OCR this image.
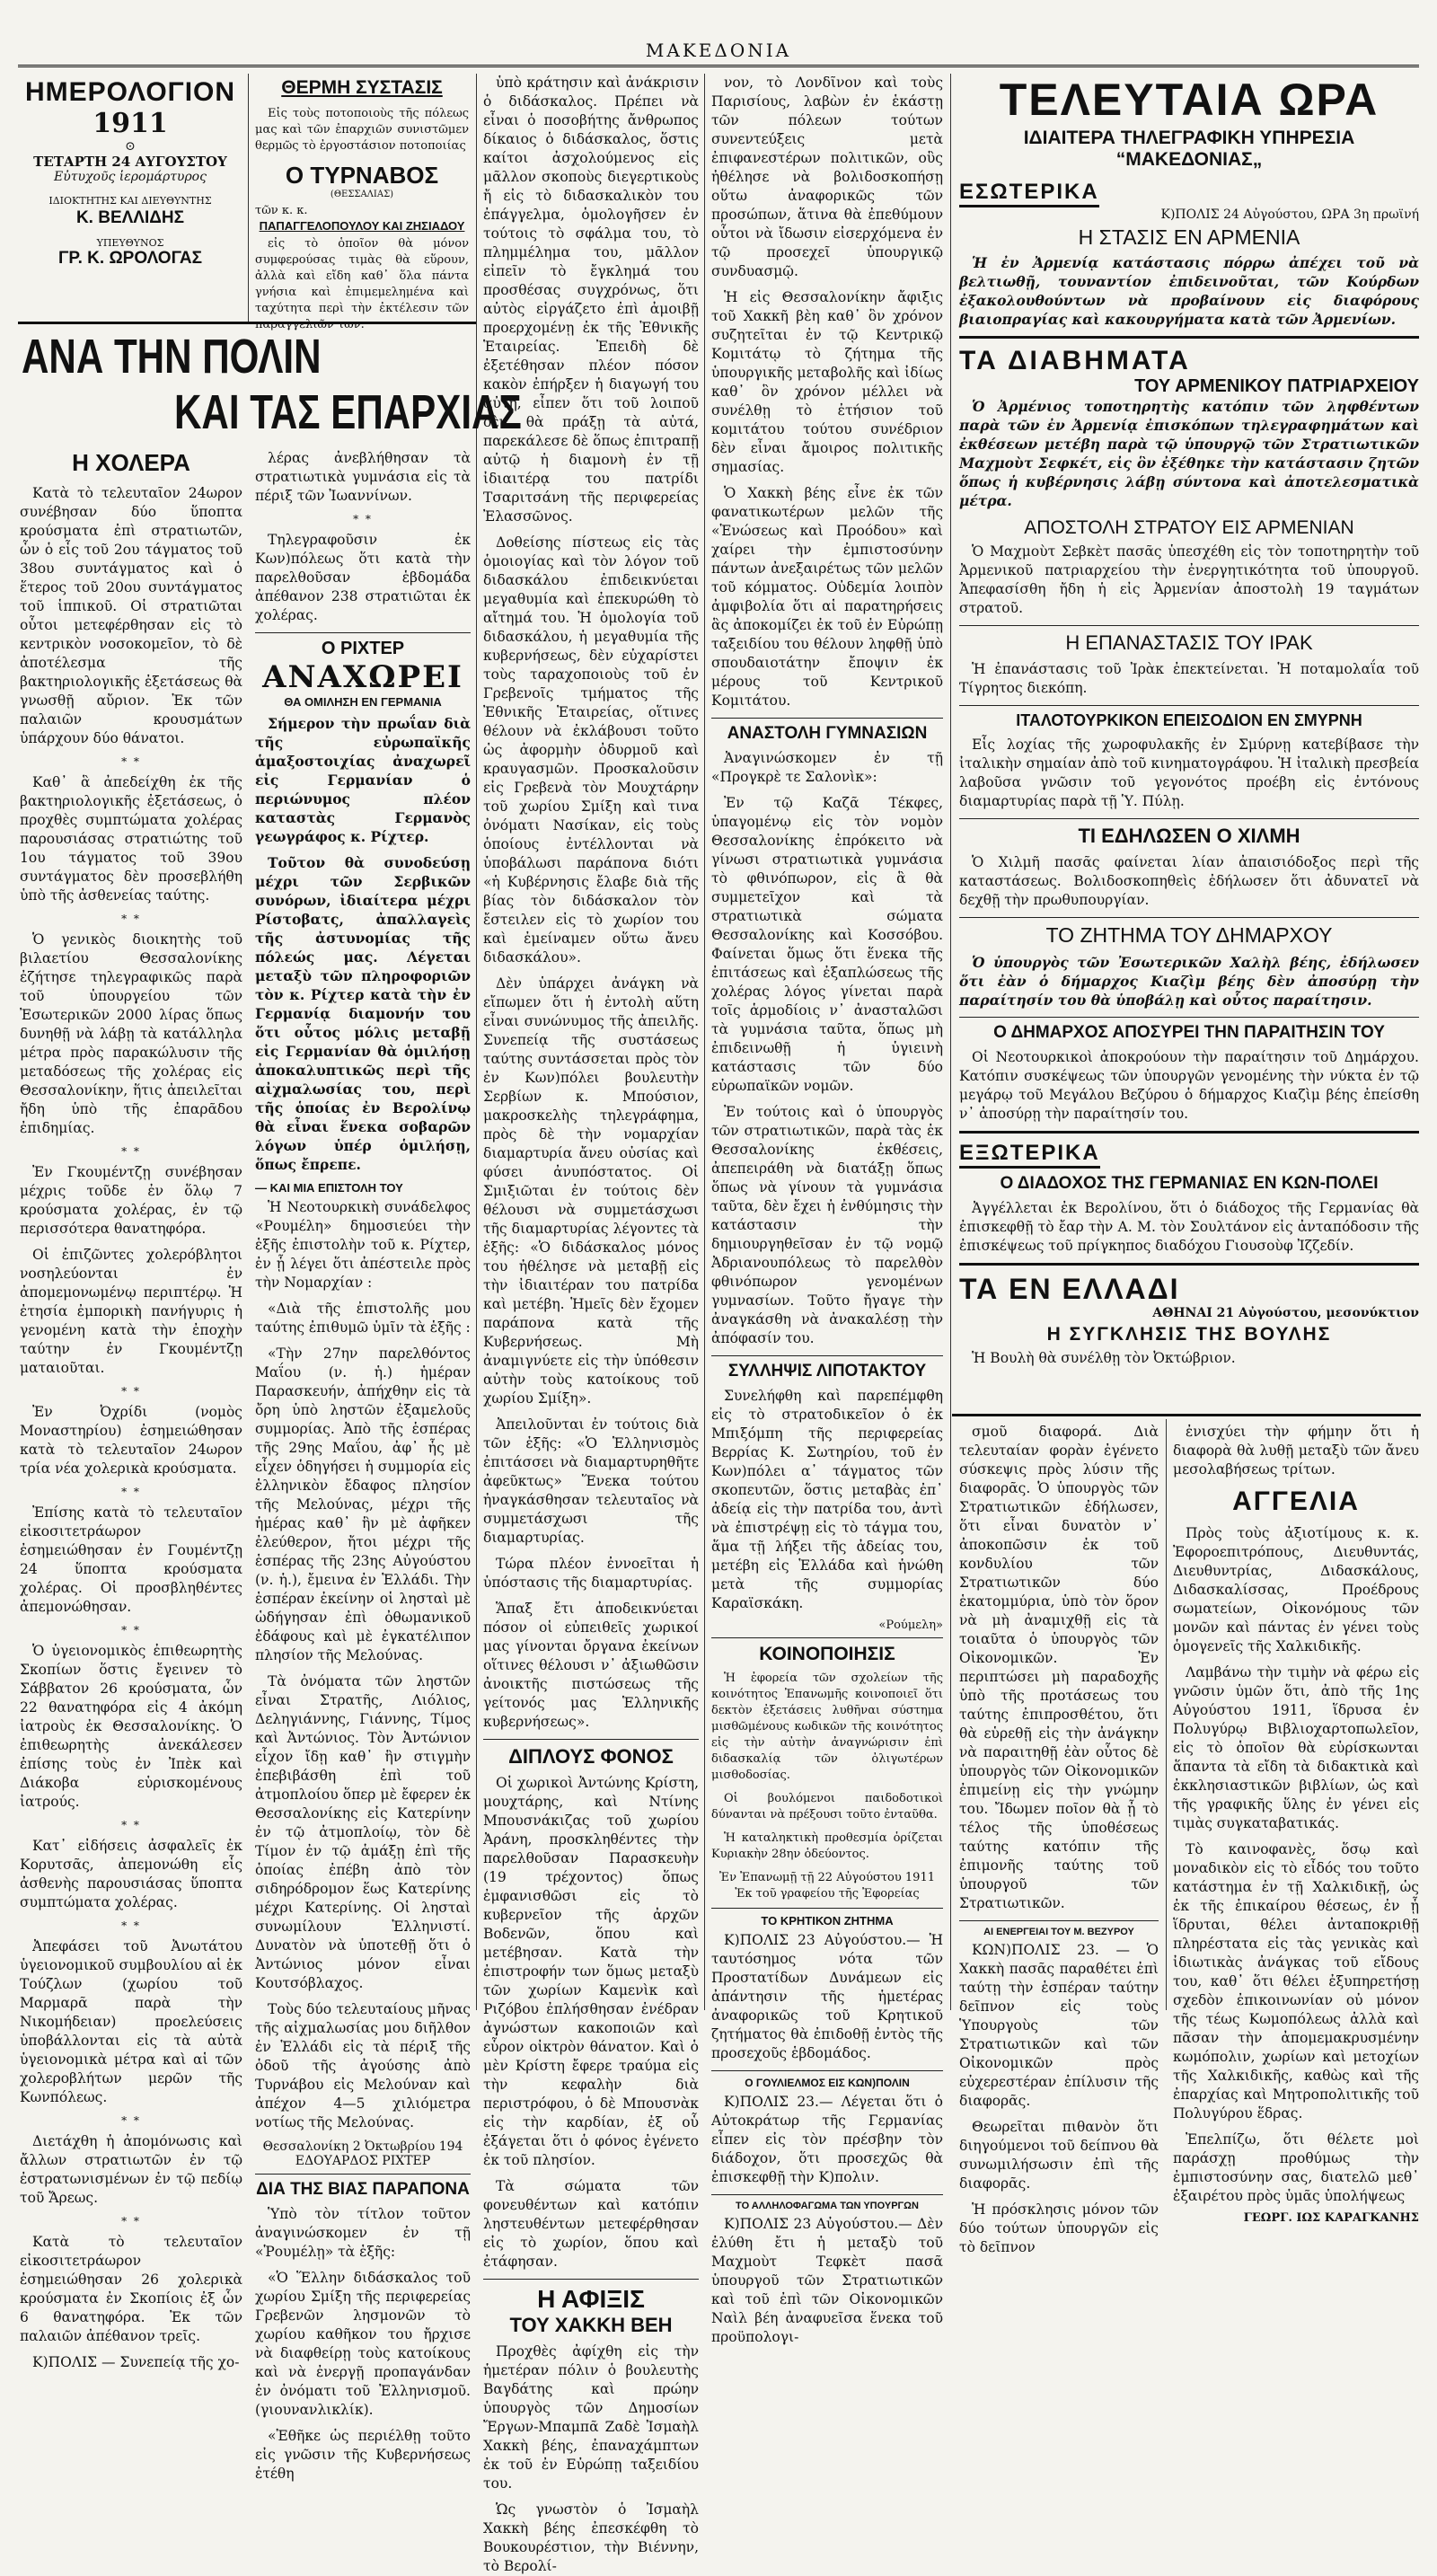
ΜΑΚΕΔΟΝΙΑ
ΗΜΕΡΟΛΟΓΙΟΝ
1911
⊙
ΤΕΤΑΡΤΗ 24 ΑΥΓΟΥΣΤΟΥ
Εὐτυχοῦς ἱερομάρτυρος
ΙΔΙΟΚΤΗΤΗΣ ΚΑΙ ΔΙΕΥΘΥΝΤΗΣ
Κ. ΒΕΛΛΙΔΗΣ
ΥΠΕΥΘΥΝΟΣ
ΓΡ. Κ. ΩΡΟΛΟΓΑΣ
ΘΕΡΜΗ ΣΥΣΤΑΣΙΣ

Εἰς τοὺς ποτοποιοὺς τῆς πόλεως μας καὶ τῶν ἐπαρχιῶν συνιστῶμεν θερμῶς τὸ ἐργοστάσιον ποτοποιίας

Ο ΤΥΡΝΑΒΟΣ
(ΘΕΣΣΑΛΙΑΣ)
τῶν κ. κ.
ΠΑΠΑΓΓΕΛΟΠΟΥΛΟΥ ΚΑΙ ΖΗΣΙΑΔΟΥ

εἰς τὸ ὁποῖον θὰ μόνον συμφερούσας τιμὰς θὰ εὕρουν, ἀλλὰ καὶ εἴδη καθ᾽ ὅλα πάντα γνήσια καὶ ἐπιμεμελημένα καὶ ταχύτητα περὶ τὴν ἐκτέλεσιν τῶν παραγγελιῶν των.

ΑΝΑ ΤΗΝ ΠΟΛΙΝ
ΚΑΙ ΤΑΣ ΕΠΑΡΧΙΑΣ
Η ΧΟΛΕΡΑ

Κατὰ τὸ τελευταῖον 24ωρον συνέβησαν δύο ὕποπτα κρούσματα ἐπὶ στρατιωτῶν, ὧν ὁ εἷς τοῦ 2ου τάγματος τοῦ 38ου συντάγματος καὶ ὁ ἕτερος τοῦ 20ου συντάγματος τοῦ ἱππικοῦ. Οἱ στρατιῶται οὗτοι μετεφέρθησαν εἰς τὸ κεντρικὸν νοσοκομεῖον, τὸ δὲ ἀποτέλεσμα τῆς βακτηριολογικῆς ἐξετάσεως θὰ γνωσθῇ αὔριον. Ἐκ τῶν παλαιῶν κρουσμάτων ὑπάρχουν δύο θάνατοι.

* *

Καθ᾽ ἃ ἀπεδείχθη ἐκ τῆς βακτηριολογικῆς ἐξετάσεως, ὁ προχθὲς συμπτώματα χολέρας παρουσιάσας στρατιώτης τοῦ 1ου τάγματος τοῦ 39ου συντάγματος δὲν προσεβλήθη ὑπὸ τῆς ἀσθενείας ταύτης.

* *

Ὁ γενικὸς διοικητὴς τοῦ βιλαετίου Θεσσαλονίκης ἐζήτησε τηλεγραφικῶς παρὰ τοῦ ὑπουργείου τῶν Ἐσωτερικῶν 2000 λίρας ὅπως δυνηθῇ νὰ λάβῃ τὰ κατάλληλα μέτρα πρὸς παρακώλυσιν τῆς μεταδόσεως τῆς χολέρας εἰς Θεσσαλονίκην, ἥτις ἀπειλεῖται ἤδη ὑπὸ τῆς ἐπαρᾶδου ἐπιδημίας.

* *

Ἐν Γκουμέντζῃ συνέβησαν μέχρις τοῦδε ἐν ὅλῳ 7 κρούσματα χολέρας, ἐν τῷ περισσότερα θανατηφόρα.

Οἱ ἐπιζῶντες χολερόβλητοι νοσηλεύονται ἐν ἀπομεμονωμένῳ περιπτέρῳ. Ἡ ἐτησία ἐμπορικὴ πανήγυρις ἡ γενομένη κατὰ τὴν ἐποχὴν ταύτην ἐν Γκουμέντζῃ ματαιοῦται.

* *

Ἐν Ὀχρίδι (νομὸς Μοναστηρίου) ἐσημειώθησαν κατὰ τὸ τελευταῖον 24ωρον τρία νέα χολερικὰ κρούσματα.

* *

Ἐπίσης κατὰ τὸ τελευταῖον εἰκοσιτετράωρον ἐσημειώθησαν ἐν Γουμέντζῃ 24 ὕποπτα κρούσματα χολέρας. Οἱ προσβληθέντες ἀπεμονώθησαν.

* *

Ὁ ὑγειονομικὸς ἐπιθεωρητὴς Σκοπίων ὅστις ἔγεινεν τὸ Σάββατον 26 κρούσματα, ὧν 22 θανατηφόρα εἰς 4 ἀκόμη ἰατροὺς ἐκ Θεσσαλονίκης. Ὁ ἐπιθεωρητὴς ἀνεκάλεσεν ἐπίσης τοὺς ἐν Ἰπὲκ καὶ Διάκοβα εὑρισκομένους ἰατρούς.

* *

Κατ᾽ εἰδήσεις ἀσφαλεῖς ἐκ Κορυτσᾶς, ἀπεμονώθη εἷς ἀσθενὴς παρουσιάσας ὕποπτα συμπτώματα χολέρας.

* *

Ἀπεφάσει τοῦ Ἀνωτάτου ὑγειονομικοῦ συμβουλίου αἱ ἐκ Τούζλων (χωρίου τοῦ Μαρμαρᾶ παρὰ τὴν Νικομήδειαν) προελεύσεις ὑποβάλλονται εἰς τὰ αὐτὰ ὑγειονομικὰ μέτρα καὶ αἱ τῶν χολεροβλήτων μερῶν τῆς Κωνπόλεως.

* *

Διετάχθη ἡ ἀπομόνωσις καὶ ἄλλων στρατιωτῶν ἐν τῷ ἐστρατωνισμένων ἐν τῷ πεδίῳ τοῦ Ἄρεως.

* *

Κατὰ τὸ τελευταῖον εἰκοσιτετράωρον ἐσημειώθησαν 26 χολερικὰ κρούσματα ἐν Σκοπίοις ἐξ ὧν 6 θανατηφόρα. Ἐκ τῶν παλαιῶν ἀπέθανον τρεῖς.

Κ)ΠΟΛΙΣ — Συνεπείᾳ τῆς χο-

λέρας ἀνεβλήθησαν τὰ στρατιωτικὰ γυμνάσια εἰς τὰ πέριξ τῶν Ἰωαννίνων.

* *

Τηλεγραφοῦσιν ἐκ Κων)πόλεως ὅτι κατὰ τὴν παρελθοῦσαν ἑβδομάδα ἀπέθανον 238 στρατιῶται ἐκ χολέρας.

Ο ΡΙΧΤΕΡ
ΑΝΑΧΩΡΕΙ
ΘΑ ΟΜΙΛΗΣΗ ΕΝ ΓΕΡΜΑΝΙΑ

Σήμερον τὴν πρωΐαν διὰ τῆς εὐρωπαϊκῆς ἁμαξοστοιχίας ἀναχωρεῖ εἰς Γερμανίαν ὁ περιώνυμος πλέον καταστὰς Γερμανὸς γεωγράφος κ. Ρίχτερ.

Τοῦτον θὰ συνοδεύσῃ μέχρι τῶν Σερβικῶν συνόρων, ἰδιαίτερα μέχρι Ρίστοβατς, ἀπαλλαγεὶς τῆς ἀστυνομίας τῆς πόλεώς μας. Λέγεται μεταξὺ τῶν πληροφοριῶν τὸν κ. Ρίχτερ κατὰ τὴν ἐν Γερμανίᾳ διαμονήν του ὅτι οὗτος μόλις μεταβῇ εἰς Γερμανίαν θὰ ὁμιλήσῃ ἀποκαλυπτικῶς περὶ τῆς αἰχμαλωσίας του, περὶ τῆς ὁποίας ἐν Βερολίνῳ θὰ εἶναι ἕνεκα σοβαρῶν λόγων ὑπέρ ὁμιλήσῃ, ὅπως ἔπρεπε.

— ΚΑΙ ΜΙΑ ΕΠΙΣΤΟΛΗ ΤΟΥ

Ἡ Νεοτουρκικὴ συνάδελφος «Ρουμέλη» δημοσιεύει τὴν ἑξῆς ἐπιστολὴν τοῦ κ. Ρίχτερ, ἐν ᾗ λέγει ὅτι ἀπέστειλε πρὸς τὴν Νομαρχίαν :

«Διὰ τῆς ἐπιστολῆς μου ταύτης ἐπιθυμῶ ὑμῖν τὰ ἑξῆς :

«Τὴν 27ην παρελθόντος Μαΐου (ν. ἡ.) ἡμέραν Παρασκευήν, ἀπήχθην εἰς τὰ ὄρη ὑπὸ ληστῶν ἐξαμελοῦς συμμορίας. Ἀπὸ τῆς ἑσπέρας τῆς 29ης Μαΐου, ἀφ᾽ ἧς μὲ εἶχεν ὁδηγήσει ἡ συμμορία εἰς ἑλληνικὸν ἔδαφος πλησίον τῆς Μελούνας, μέχρι τῆς ἡμέρας καθ᾽ ἣν μὲ ἀφῆκεν ἐλεύθερον, ἤτοι μέχρι τῆς ἑσπέρας τῆς 23ης Αὐγούστου (ν. ἡ.), ἔμεινα ἐν Ἑλλάδι. Τὴν ἑσπέραν ἐκείνην οἱ λησταὶ μὲ ὡδήγησαν ἐπὶ ὀθωμανικοῦ ἐδάφους καὶ μὲ ἐγκατέλιπον πλησίον τῆς Μελούνας.

Τὰ ὀνόματα τῶν ληστῶν εἶναι Στρατῆς, Λιόλιος, Δεληγιάννης, Γιάννης, Τίμος καὶ Ἀντώνιος. Τὸν Ἀντώνιον εἶχον ἴδῃ καθ᾽ ἣν στιγμὴν ἐπεβιβάσθη ἐπὶ τοῦ ἀτμοπλοίου ὅπερ μὲ ἔφερεν ἐκ Θεσσαλονίκης εἰς Κατερίνην ἐν τῷ ἀτμοπλοίῳ, τὸν δὲ Τίμον ἐν τῷ ἁμάξῃ ἐπὶ τῆς ὁποίας ἐπέβη ἀπὸ τὸν σιδηρόδρομον ἕως Κατερίνης μέχρι Κατερίνης. Οἱ λησταὶ συνωμίλουν Ἑλληνιστί. Δυνατὸν νὰ ὑποτεθῇ ὅτι ὁ Ἀντώνιος μόνον εἶναι Κουτσόβλαχος.

Τοὺς δύο τελευταίους μῆνας τῆς αἰχμαλωσίας μου διῆλθον ἐν Ἑλλάδι εἰς τὰ πέριξ τῆς ὁδοῦ τῆς ἀγούσης ἀπὸ Τυρνάβου εἰς Μελούναν καὶ ἀπέχον 4—5 χιλιόμετρα νοτίως τῆς Μελούνας.

Θεσσαλονίκη 2 Ὀκτωβρίου 194
ΕΔΟΥΑΡΔΟΣ ΡΙΧΤΕΡ
ΔΙΑ ΤΗΣ ΒΙΑΣ ΠΑΡΑΠΟΝΑ

Ὑπὸ τὸν τίτλον τοῦτον ἀναγινώσκομεν ἐν τῇ «Ῥουμέλῃ» τὰ ἑξῆς:

«Ὁ Ἕλλην διδάσκαλος τοῦ χωρίου Σμίξη τῆς περιφερείας Γρεβενῶν λησμονῶν τὸ χωρίου καθῆκον του ἤρχισε νὰ διαφθείρῃ τοὺς κατοίκους καὶ νὰ ἐνεργῇ προπαγάνδαν ἐν ὀνόματι τοῦ Ἑλληνισμοῦ. (γιουνανλικλίκ).

«Ἐθῆκε ὡς περιέλθῃ τοῦτο εἰς γνῶσιν τῆς Κυβερνήσεως ἐτέθη

ὑπὸ κράτησιν καὶ ἀνάκρισιν ὁ διδάσκαλος. Πρέπει νὰ εἶναι ὁ ποσοβήτης ἄνθρωπος δίκαιος ὁ διδάσκαλος, ὅστις καίτοι ἀσχολούμενος εἰς μᾶλλον σκοποὺς διεγερτικοὺς ἤ εἰς τὸ διδασκαλικὸν του ἐπάγγελμα, ὁμολογῆσεν ἐν τούτοις τὸ σφάλμα του, τὸ πλημμέλημα του, μᾶλλον εἰπεῖν τὸ ἔγκλημά του προσθέσας συγχρόνως, ὅτι αὐτὸς εἰργάζετο ἐπὶ ἀμοιβῇ προερχομένῃ ἐκ τῆς Ἐθνικῆς Ἑταιρείας. Ἐπειδὴ δὲ ἐξετέθησαν πλέον πόσον κακὸν ἐπήρξεν ἡ διαγωγή του αὐτή, εἶπεν ὅτι τοῦ λοιποῦ δὲν θὰ πράξῃ τὰ αὐτά, παρεκάλεσε δὲ ὅπως ἐπιτραπῇ αὐτῷ ἡ διαμονὴ ἐν τῇ ἰδιαιτέρᾳ του πατρίδι Τσαριτσάνη τῆς περιφερείας Ἐλασσῶνος.

Δοθείσης πίστεως εἰς τὰς ὁμοιογίας καὶ τὸν λόγον τοῦ διδασκάλου ἐπιδεικνύεται μεγαθυμία καὶ ἐπεκυρώθη τὸ αἴτημά του. Ἡ ὁμολογία τοῦ διδασκάλου, ἡ μεγαθυμία τῆς κυβερνήσεως, δὲν εὐχαρίστει τοὺς ταραχοποιοὺς τοῦ ἐν Γρεβενοῖς τμήματος τῆς Ἐθνικῆς Ἑταιρείας, οἵτινες θέλουν νὰ ἐκλάβουσι τοῦτο ὡς ἀφορμὴν ὀδυρμοῦ καὶ κραυγασμῶν. Προσκαλοῦσιν εἰς Γρεβενὰ τὸν Μουχτάρην τοῦ χωρίου Σμίξη καὶ τινα ὀνόματι Νασίκαν, εἰς τοὺς ὁποίους ἐντέλλονται νὰ ὑποβάλωσι παράπονα διότι «ἡ Κυβέρνησις ἔλαβε διὰ τῆς βίας τὸν διδάσκαλον τὸν ἔστειλεν εἰς τὸ χωρίον του καὶ ἐμείναμεν οὕτω ἄνευ διδασκάλου».

Δὲν ὑπάρχει ἀνάγκη νὰ εἴπωμεν ὅτι ἡ ἐντολὴ αὕτη εἶναι συνώνυμος τῆς ἀπειλῆς. Συνεπείᾳ τῆς συστάσεως ταύτης συντάσσεται πρὸς τὸν ἐν Κων)πόλει βουλευτὴν Σερβίων κ. Μπούσιον, μακροσκελὴς τηλεγράφημα, πρὸς δὲ τὴν νομαρχίαν διαμαρτυρία ἄνευ οὐσίας καὶ φύσει ἀνυπόστατος. Οἱ Σμιξιῶται ἐν τούτοις δὲν θέλουσι νὰ συμμετάσχωσι τῆς διαμαρτυρίας λέγοντες τὰ ἑξῆς: «Ὁ διδάσκαλος μόνος του ἠθέλησε νὰ μεταβῇ εἰς τὴν ἰδιαιτέραν του πατρίδα καὶ μετέβη. Ἡμεῖς δὲν ἔχομεν παράπονα κατὰ τῆς Κυβερνήσεως. Μὴ ἀναμιγνύετε εἰς τὴν ὑπόθεσιν αὐτὴν τοὺς κατοίκους τοῦ χωρίου Σμίξη».

Ἀπειλοῦνται ἐν τούτοις διὰ τῶν ἑξῆς: «Ὁ Ἑλληνισμὸς ἐπιτάσσει νὰ διαμαρτυρηθῆτε ἀφεῦκτως» Ἕνεκα τούτου ἠναγκάσθησαν τελευταῖος νὰ συμμετάσχωσι τῆς διαμαρτυρίας.

Τώρα πλέον ἐννοεῖται ἡ ὑπόστασις τῆς διαμαρτυρίας.

Ἅπαξ ἔτι ἀποδεικνύεται πόσον οἱ εὐπειθεῖς χωρικοί μας γίνονται ὄργανα ἐκείνων οἵτινες θέλουσι ν᾽ ἀξιωθῶσιν ἀνοικτῆς πιστώσεως τῆς γείτονός μας Ἑλληνικῆς κυβερνήσεως».

ΔΙΠΛΟΥΣ ΦΟΝΟΣ

Οἱ χωρικοὶ Ἀντώνης Κρίστη, μουχτάρης, καὶ Ντίνης Μπουσνάκιζας τοῦ χωρίου Ἀράνη, προσκληθέντες τὴν παρελθοῦσαν Παρασκευὴν (19 τρέχοντος) ὅπως ἐμφανισθῶσι εἰς τὸ κυβερνεῖον τῆς ἀρχῶν Βοδενῶν, ὅπου καὶ μετέβησαν. Κατὰ τὴν ἐπιστροφήν των ὅμως μεταξὺ τῶν χωρίων Καμενὶκ καὶ Ριζόβου ἐπλήσθησαν ἐνέδραν ἀγνώστων κακοποιῶν καὶ εὗρον οἰκτρὸν θάνατον. Καὶ ὁ μὲν Κρίστη ἔφερε τραύμα εἰς τὴν κεφαλὴν διὰ περιστρόφου, ὁ δὲ Μπουσνὰκ εἰς τὴν καρδίαν, ἐξ οὗ ἐξάγεται ὅτι ὁ φόνος ἐγένετο ἐκ τοῦ πλησίον.

Τὰ σώματα τῶν φονευθέντων καὶ κατόπιν ληστευθέντων μετεφέρθησαν εἰς τὸ χωρίον, ὅπου καὶ ἐτάφησαν.

Η ΑΦΙΞΙΣ
ΤΟΥ ΧΑΚΚΗ ΒΕΗ

Προχθὲς ἀφίχθη εἰς τὴν ἡμετέραν πόλιν ὁ βουλευτὴς Βαγδάτης καὶ πρώην ὑπουργὸς τῶν Δημοσίων Ἔργων-Μπαμπᾶ Ζαδὲ Ἰσμαὴλ Χακκὴ βέης, ἐπαναχάμπτων ἐκ τοῦ ἐν Εὐρώπῃ ταξειδίου του.

Ὡς γνωστὸν ὁ Ἰσμαὴλ Χακκὴ βέης ἐπεσκέφθη τὸ Βουκουρέστιον, τὴν Βιέννην, τὸ Βερολί-

νον, τὸ Λονδῖνον καὶ τοὺς Παρισίους, λαβὼν ἐν ἑκάστῃ τῶν πόλεων τούτων συνεντεύξεις μετὰ ἐπιφανεστέρων πολιτικῶν, οὓς ἠθέλησε νὰ βολιδοσκοπήσῃ οὕτω ἀναφορικῶς τῶν προσώπων, ἅτινα θὰ ἐπεθύμουν οὗτοι νὰ ἴδωσιν εἰσερχόμενα ἐν τῷ προσεχεῖ ὑπουργικῷ συνδυασμῷ.

Ἡ εἰς Θεσσαλονίκην ἄφιξις τοῦ Χακκῆ βὲη καθ᾽ ὃν χρόνον συζητεῖται ἐν τῷ Κεντρικῷ Κομιτάτῳ τὸ ζήτημα τῆς ὑπουργικῆς μεταβολῆς καὶ ἰδίως καθ᾽ ὃν χρόνον μέλλει νὰ συνέλθῃ τὸ ἐτήσιον τοῦ κομιτάτου τούτου συνέδριον δὲν εἶναι ἄμοιρος πολιτικῆς σημασίας.

Ὁ Χακκὴ βέης εἶνε ἐκ τῶν φανατικωτέρων μελῶν τῆς «Ἑνώσεως καὶ Προόδου» καὶ χαίρει τὴν ἐμπιστοσύνην πάντων ἀνεξαιρέτως τῶν μελῶν τοῦ κόμματος. Οὐδεμία λοιπὸν ἀμφιβολία ὅτι αἱ παρατηρήσεις ἃς ἀποκομίζει ἐκ τοῦ ἐν Εὐρώπῃ ταξειδίου του θέλουν ληφθῇ ὑπὸ σπουδαιοτάτην ἔποψιν ἐκ μέρους τοῦ Κεντρικοῦ Κομιτάτου.

ΑΝΑΣΤΟΛΗ ΓΥΜΝΑΣΙΩΝ

Ἀναγινώσκομεν ἐν τῇ «Προγκρὲ τε Σαλονὶκ»:

Ἐν τῷ Καζᾶ Τέκφες, ὑπαγομένῳ εἰς τὸν νομὸν Θεσσαλονίκης ἐπρόκειτο νὰ γίνωσι στρατιωτικὰ γυμνάσια τὸ φθινόπωρον, εἰς ἃ θὰ συμμετεῖχον καὶ τὰ στρατιωτικὰ σώματα Θεσσαλονίκης καὶ Κοσσόβου. Φαίνεται ὅμως ὅτι ἕνεκα τῆς ἐπιτάσεως καὶ ἐξαπλώσεως τῆς χολέρας λόγος γίνεται παρὰ τοῖς ἁρμοδίοις ν᾽ ἀνασταλῶσι τὰ γυμνάσια ταῦτα, ὅπως μὴ ἐπιδεινωθῇ ἡ ὑγιεινὴ κατάστασις τῶν δύο εὐρωπαϊκῶν νομῶν.

Ἐν τούτοις καὶ ὁ ὑπουργὸς τῶν στρατιωτικῶν, παρὰ τὰς ἐκ Θεσσαλονίκης ἐκθέσεις, ἀπεπειράθη νὰ διατάξῃ ὅπως ὅπως νὰ γίνουν τὰ γυμνάσια ταῦτα, δὲν ἔχει ἡ ἐνθύμησις τὴν κατάστασιν τὴν δημιουργηθεῖσαν ἐν τῷ νομῷ Ἀδριανουπόλεως τὸ παρελθὸν φθινόπωρον γενομένων γυμνασίων. Τοῦτο ἤγαγε τὴν ἀναγκάσθη νὰ ἀνακαλέσῃ τὴν ἀπόφασίν του.

ΣΥΛΛΗΨΙΣ ΛΙΠΟΤΑΚΤΟΥ

Συνελήφθη καὶ παρεπέμφθη εἰς τὸ στρατοδικεῖον ὁ ἐκ Μπιξόμπη τῆς περιφερείας Βερρίας Κ. Σωτηρίου, τοῦ ἐν Κων)πόλει α᾽ τάγματος τῶν σκοπευτῶν, ὅστις μεταβὰς ἐπ᾽ ἀδείᾳ εἰς τὴν πατρίδα του, ἀντὶ νὰ ἐπιστρέψῃ εἰς τὸ τάγμα του, ἅμα τῇ λήξει τῆς ἀδείας του, μετέβη εἰς Ἑλλάδα καὶ ἡνώθη μετὰ τῆς συμμορίας Καραϊσκάκη.

«Ρούμελη»
ΚΟΙΝΟΠΟΙΗΣΙΣ

Ἡ ἐφορεία τῶν σχολείων τῆς κοινότητος Ἐπανωμῆς κοινοποιεῖ ὅτι δεκτὸν ἐξετάσεις λυθῆναι σύστημα μισθῶμένους κωδικῶν τῆς κοινότητος εἰς τὴν αὐτὴν ἀναγνώρισιν ἐπὶ διδασκαλίᾳ τῶν ὀλιγωτέρων μισθοδοσίας.

Οἱ βουλόμενοι παιδοδοτικοὶ δύνανται νὰ πρέξουσι τοῦτο ἐνταῦθα.

Ἡ καταληκτικὴ προθεσμία ὁρίζεται Κυριακὴν 28ην ὁδεύοντος.

Ἐν Ἐπανωμῇ τῇ 22 Αὐγούστου 1911
Ἐκ τοῦ γραφείου τῆς Ἐφορείας
ΤΟ ΚΡΗΤΙΚΟΝ ΖΗΤΗΜΑ

Κ)ΠΟΛΙΣ 23 Αὐγούστου.— Ἡ ταυτόσημος νότα τῶν Προστατίδων Δυνάμεων εἰς ἀπάντησιν τῆς ἡμετέρας ἀναφορικῶς τοῦ Κρητικοῦ ζητήματος θὰ ἐπιδοθῇ ἐντὸς τῆς προσεχοῦς ἑβδομάδος.

Ο ΓΟΥΛΙΕΛΜΟΣ ΕΙΣ ΚΩΝ)ΠΟΛΙΝ

Κ)ΠΟΛΙΣ 23.— Λέγεται ὅτι ὁ Αὐτοκράτωρ τῆς Γερμανίας εἶπεν εἰς τὸν πρέσβην τὸν διάδοχον, ὅτι προσεχῶς θὰ ἐπισκεφθῇ τὴν Κ)πολιν.

ΤΟ ΑΛΛΗΛΟΦΑΓΩΜΑ ΤΩΝ ΥΠΟΥΡΓΩΝ

Κ)ΠΟΛΙΣ 23 Αὐγούστου.— Δὲν ἐλύθη ἔτι ἡ μεταξὺ τοῦ Μαχμοὺτ Τεφκὲτ πασᾶ ὑπουργοῦ τῶν Στρατιωτικῶν καὶ τοῦ ἐπὶ τῶν Οἰκονομικῶν Ναὶλ βέη ἀναφυεῖσα ἕνεκα τοῦ προϋπολογι-

ΤΕΛΕΥΤΑΙΑ ΩΡΑ
ΙΔΙΑΙΤΕΡΑ ΤΗΛΕΓΡΑΦΙΚΗ ΥΠΗΡΕΣΙΑ
“ΜΑΚΕΔΟΝΙΑΣ„
ΕΣΩΤΕΡΙΚΑ
Κ)ΠΟΛΙΣ 24 Αὐγούστου, ΩΡΑ 3η πρωϊνή
Η ΣΤΑΣΙΣ ΕΝ ΑΡΜΕΝΙΑ

Ἡ ἐν Ἀρμενίᾳ κατάστασις πόρρω ἀπέχει τοῦ νὰ βελτιωθῇ, τουναντίον ἐπιδεινοῦται, τῶν Κούρδων ἐξακολουθούντων νὰ προβαίνουν εἰς διαφόρους βιαιοπραγίας καὶ κακουργήματα κατὰ τῶν Ἀρμενίων.

ΤΑ ΔΙΑΒΗΜΑΤΑ
ΤΟΥ ΑΡΜΕΝΙΚΟΥ ΠΑΤΡΙΑΡΧΕΙΟΥ

Ὁ Ἀρμένιος τοποτηρητὴς κατόπιν τῶν ληφθέντων παρὰ τῶν ἐν Ἀρμενίᾳ ἐπισκόπων τηλεγραφημάτων καὶ ἐκθέσεων μετέβη παρὰ τῷ ὑπουργῷ τῶν Στρατιωτικῶν Μαχμοὺτ Σεφκέτ, εἰς ὃν ἐξέθηκε τὴν κατάστασιν ζητῶν ὅπως ἡ κυβέρνησις λάβῃ σύντονα καὶ ἀποτελεσματικὰ μέτρα.

ΑΠΟΣΤΟΛΗ ΣΤΡΑΤΟΥ ΕΙΣ ΑΡΜΕΝΙΑΝ

Ὁ Μαχμοὺτ Σεβκὲτ πασᾶς ὑπεσχέθη εἰς τὸν τοποτηρητὴν τοῦ Ἀρμενικοῦ πατριαρχείου τὴν ἐνεργητικότητα τοῦ ὑπουργοῦ. Ἀπεφασίσθη ἤδη ἡ εἰς Ἀρμενίαν ἀποστολὴ 19 ταγμάτων στρατοῦ.

Η ΕΠΑΝΑΣΤΑΣΙΣ ΤΟΥ ΙΡΑΚ

Ἡ ἐπανάστασις τοῦ Ἰρὰκ ἐπεκτείνεται. Ἡ ποταμολαΐα τοῦ Τίγρητος διεκόπη.

ΙΤΑΛΟΤΟΥΡΚΙΚΟΝ ΕΠΕΙΣΟΔΙΟΝ ΕΝ ΣΜΥΡΝΗ

Εἷς λοχίας τῆς χωροφυλακῆς ἐν Σμύρνῃ κατεβίβασε τὴν ἰταλικὴν σημαίαν ἀπὸ τοῦ κινηματογράφου. Ἡ ἰταλικὴ πρεσβεία λαβοῦσα γνῶσιν τοῦ γεγονότος προέβη εἰς ἐντόνους διαμαρτυρίας παρὰ τῇ Ὑ. Πύλῃ.

ΤΙ ΕΔΗΛΩΣΕΝ Ο ΧΙΛΜΗ

Ὁ Χιλμῆ πασᾶς φαίνεται λίαν ἀπαισιόδοξος περὶ τῆς καταστάσεως. Βολιδοσκοπηθεὶς ἐδήλωσεν ὅτι ἀδυνατεῖ νὰ δεχθῇ τὴν πρωθυπουργίαν.

ΤΟ ΖΗΤΗΜΑ ΤΟΥ ΔΗΜΑΡΧΟΥ

Ὁ ὑπουργὸς τῶν Ἐσωτερικῶν Χαλὴλ βέης, ἐδήλωσεν ὅτι ἐὰν ὁ δήμαρχος Κιαζὶμ βέης δὲν ἀποσύρῃ τὴν παραίτησίν του θὰ ὑποβάλῃ καὶ οὗτος παραίτησιν.

Ο ΔΗΜΑΡΧΟΣ ΑΠΟΣΥΡΕΙ ΤΗΝ ΠΑΡΑΙΤΗΣΙΝ ΤΟΥ

Οἱ Νεοτουρκικοὶ ἀποκρούουν τὴν παραίτησιν τοῦ Δημάρχου. Κατόπιν συσκέψεως τῶν ὑπουργῶν γενομένης τὴν νύκτα ἐν τῷ μεγάρῳ τοῦ Μεγάλου Βεζύρου ὁ δήμαρχος Κιαζὶμ βέης ἐπείσθη ν᾽ ἀποσύρῃ τὴν παραίτησίν του.

ΕΞΩΤΕΡΙΚΑ
Ο ΔΙΑΔΟΧΟΣ ΤΗΣ ΓΕΡΜΑΝΙΑΣ ΕΝ ΚΩΝ-ΠΟΛΕΙ

Ἀγγέλλεται ἐκ Βερολίνου, ὅτι ὁ διάδοχος τῆς Γερμανίας θὰ ἐπισκεφθῇ τὸ ἔαρ τὴν Α. Μ. τὸν Σουλτάνον εἰς ἀνταπόδοσιν τῆς ἐπισκέψεως τοῦ πρίγκηπος διαδόχου Γιουσοὺφ Ἰζζεδίν.

ΤΑ ΕΝ ΕΛΛΑΔΙ
ΑΘΗΝΑΙ 21 Αὐγούστου, μεσονύκτιον
Η ΣΥΓΚΛΗΣΙΣ ΤΗΣ ΒΟΥΛΗΣ

Ἡ Βουλὴ θὰ συνέλθῃ τὸν Ὀκτώβριον.

σμοῦ διαφορά. Διὰ τελευταίαν φορὰν ἐγένετο σύσκεψις πρὸς λύσιν τῆς διαφορᾶς. Ὁ ὑπουργὸς τῶν Στρατιωτικῶν ἐδήλωσεν, ὅτι εἶναι δυνατὸν ν᾽ ἀποκοπῶσιν ἐκ τοῦ κονδυλίου τῶν Στρατιωτικῶν δύο ἑκατομμύρια, ὑπὸ τὸν ὅρον νὰ μὴ ἀναμιχθῇ εἰς τὰ τοιαῦτα ὁ ὑπουργὸς τῶν Οἰκονομικῶν. Ἐν περιπτώσει μὴ παραδοχῆς ὑπὸ τῆς προτάσεως του ταύτης ἐπιπροσθέτου, ὅτι θὰ εὑρεθῇ εἰς τὴν ἀνάγκην νὰ παραιτηθῇ ἐὰν οὗτος δὲ ὑπουργὸς τῶν Οἰκονομικῶν ἐπιμείνῃ εἰς τὴν γνώμην του. Ἴδωμεν ποῖον θὰ ᾖ τὸ τέλος τῆς ὑποθέσεως ταύτης κατόπιν τῆς ἐπιμονῆς ταύτης τοῦ ὑπουργοῦ τῶν Στρατιωτικῶν.

ΑΙ ΕΝΕΡΓΕΙΑΙ ΤΟΥ Μ. ΒΕΖΥΡΟΥ

ΚΩΝ)ΠΟΛΙΣ 23. — Ὁ Χακκὴ πασᾶς παραθέτει ἐπὶ ταύτῃ τὴν ἑσπέραν ταύτην δεῖπνον εἰς τοὺς Ὑπουργοὺς τῶν Στρατιωτικῶν καὶ τῶν Οἰκονομικῶν πρὸς εὐχερεστέραν ἐπίλυσιν τῆς διαφορᾶς.

Θεωρεῖται πιθανὸν ὅτι διηγούμενοι τοῦ δείπνου θὰ συνωμιλήσωσιν ἐπὶ τῆς διαφορᾶς.

Ἡ πρόσκλησις μόνον τῶν δύο τούτων ὑπουργῶν εἰς τὸ δεῖπνον

ἐνισχύει τὴν φήμην ὅτι ἡ διαφορὰ θὰ λυθῇ μεταξὺ τῶν ἄνευ μεσολαβήσεως τρίτων.

ΑΓΓΕΛΙΑ

Πρὸς τοὺς ἀξιοτίμους κ. κ. Ἐφοροεπιτρόπους, Διευθυντάς, Διευθυντρίας, Διδασκάλους, Διδασκαλίσσας, Προέδρους σωματείων, Οἰκονόμους τῶν μονῶν καὶ πάντας ἐν γένει τοὺς ὁμογενεῖς τῆς Χαλκιδικῆς.

Λαμβάνω τὴν τιμὴν νὰ φέρω εἰς γνῶσιν ὑμῶν ὅτι, ἀπὸ τῆς 1ης Αὐγούστου 1911, ἵδρυσα ἐν Πολυγύρῳ Βιβλιοχαρτοπωλεῖον, εἰς τὸ ὁποῖον θὰ εὑρίσκωνται ἅπαντα τὰ εἴδη τὰ διδακτικὰ καὶ ἐκκλησιαστικῶν βιβλίων, ὡς καὶ τῆς γραφικῆς ὕλης ἐν γένει εἰς τιμὰς συγκαταβατικάς.

Τὸ καινοφανὲς, ὅσῳ καὶ μοναδικὸν εἰς τὸ εἶδός του τοῦτο κατάστημα ἐν τῇ Χαλκιδικῇ, ὡς ἐκ τῆς ἐπικαίρου θέσεως, ἐν ᾗ ἵδρυται, θέλει ἀνταποκριθῇ πληρέστατα εἰς τὰς γενικὰς καὶ ἰδιωτικὰς ἀνάγκας τοῦ εἴδους του, καθ᾽ ὅτι θέλει ἐξυπηρετήσῃ σχεδὸν ἐπικοινωνίαν οὐ μόνον τῆς τέως Κωμοπόλεως ἀλλὰ καὶ πᾶσαν τὴν ἀπομεμακρυσμένην κωμόπολιν, χωρίων καὶ μετοχίων τῆς Χαλκιδικῆς, καθὼς καὶ τῆς ἐπαρχίας καὶ Μητροπολιτικῆς τοῦ Πολυγύρου ἕδρας.

Ἐπελπίζω, ὅτι θέλετε μοὶ παράσχῃ προθύμως τὴν ἐμπιστοσύνην σας, διατελῶ μεθ᾽ ἐξαιρέτου πρὸς ὑμᾶς ὑπολήψεως

ΓΕΩΡΓ. ΙΩΣ ΚΑΡΑΓΚΑΝΗΣ
